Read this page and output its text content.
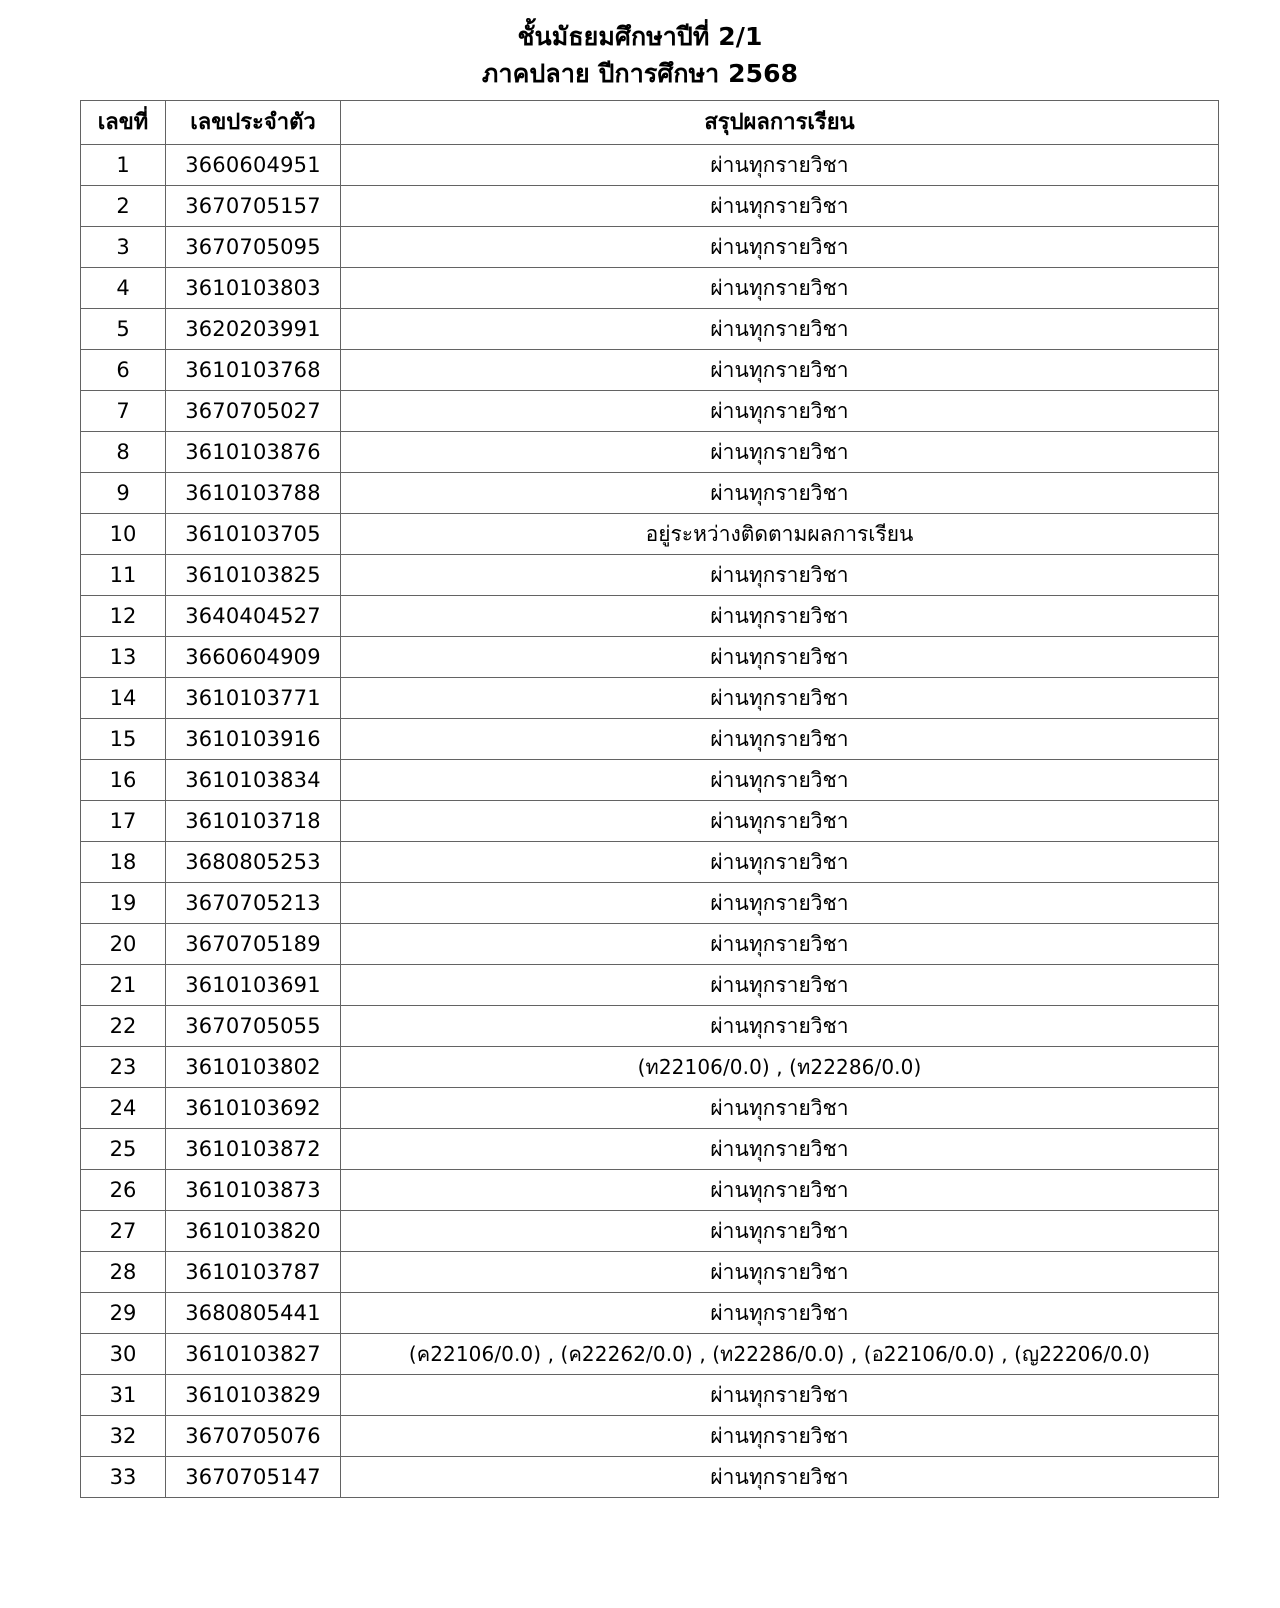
ชั้นมัธยมศึกษาปีที่ 2/1
ภาคปลาย ปีการศึกษา 2568
เลขที่	เลขประจำตัว	สรุปผลการเรียน
1	3660604951	ผ่านทุกรายวิชา
2	3670705157	ผ่านทุกรายวิชา
3	3670705095	ผ่านทุกรายวิชา
4	3610103803	ผ่านทุกรายวิชา
5	3620203991	ผ่านทุกรายวิชา
6	3610103768	ผ่านทุกรายวิชา
7	3670705027	ผ่านทุกรายวิชา
8	3610103876	ผ่านทุกรายวิชา
9	3610103788	ผ่านทุกรายวิชา
10	3610103705	อยู่ระหว่างติดตามผลการเรียน
11	3610103825	ผ่านทุกรายวิชา
12	3640404527	ผ่านทุกรายวิชา
13	3660604909	ผ่านทุกรายวิชา
14	3610103771	ผ่านทุกรายวิชา
15	3610103916	ผ่านทุกรายวิชา
16	3610103834	ผ่านทุกรายวิชา
17	3610103718	ผ่านทุกรายวิชา
18	3680805253	ผ่านทุกรายวิชา
19	3670705213	ผ่านทุกรายวิชา
20	3670705189	ผ่านทุกรายวิชา
21	3610103691	ผ่านทุกรายวิชา
22	3670705055	ผ่านทุกรายวิชา
23	3610103802	(ท22106/0.0) , (ท22286/0.0)
24	3610103692	ผ่านทุกรายวิชา
25	3610103872	ผ่านทุกรายวิชา
26	3610103873	ผ่านทุกรายวิชา
27	3610103820	ผ่านทุกรายวิชา
28	3610103787	ผ่านทุกรายวิชา
29	3680805441	ผ่านทุกรายวิชา
30	3610103827	(ค22106/0.0) , (ค22262/0.0) , (ท22286/0.0) , (อ22106/0.0) , (ญ22206/0.0)
31	3610103829	ผ่านทุกรายวิชา
32	3670705076	ผ่านทุกรายวิชา
33	3670705147	ผ่านทุกรายวิชา
